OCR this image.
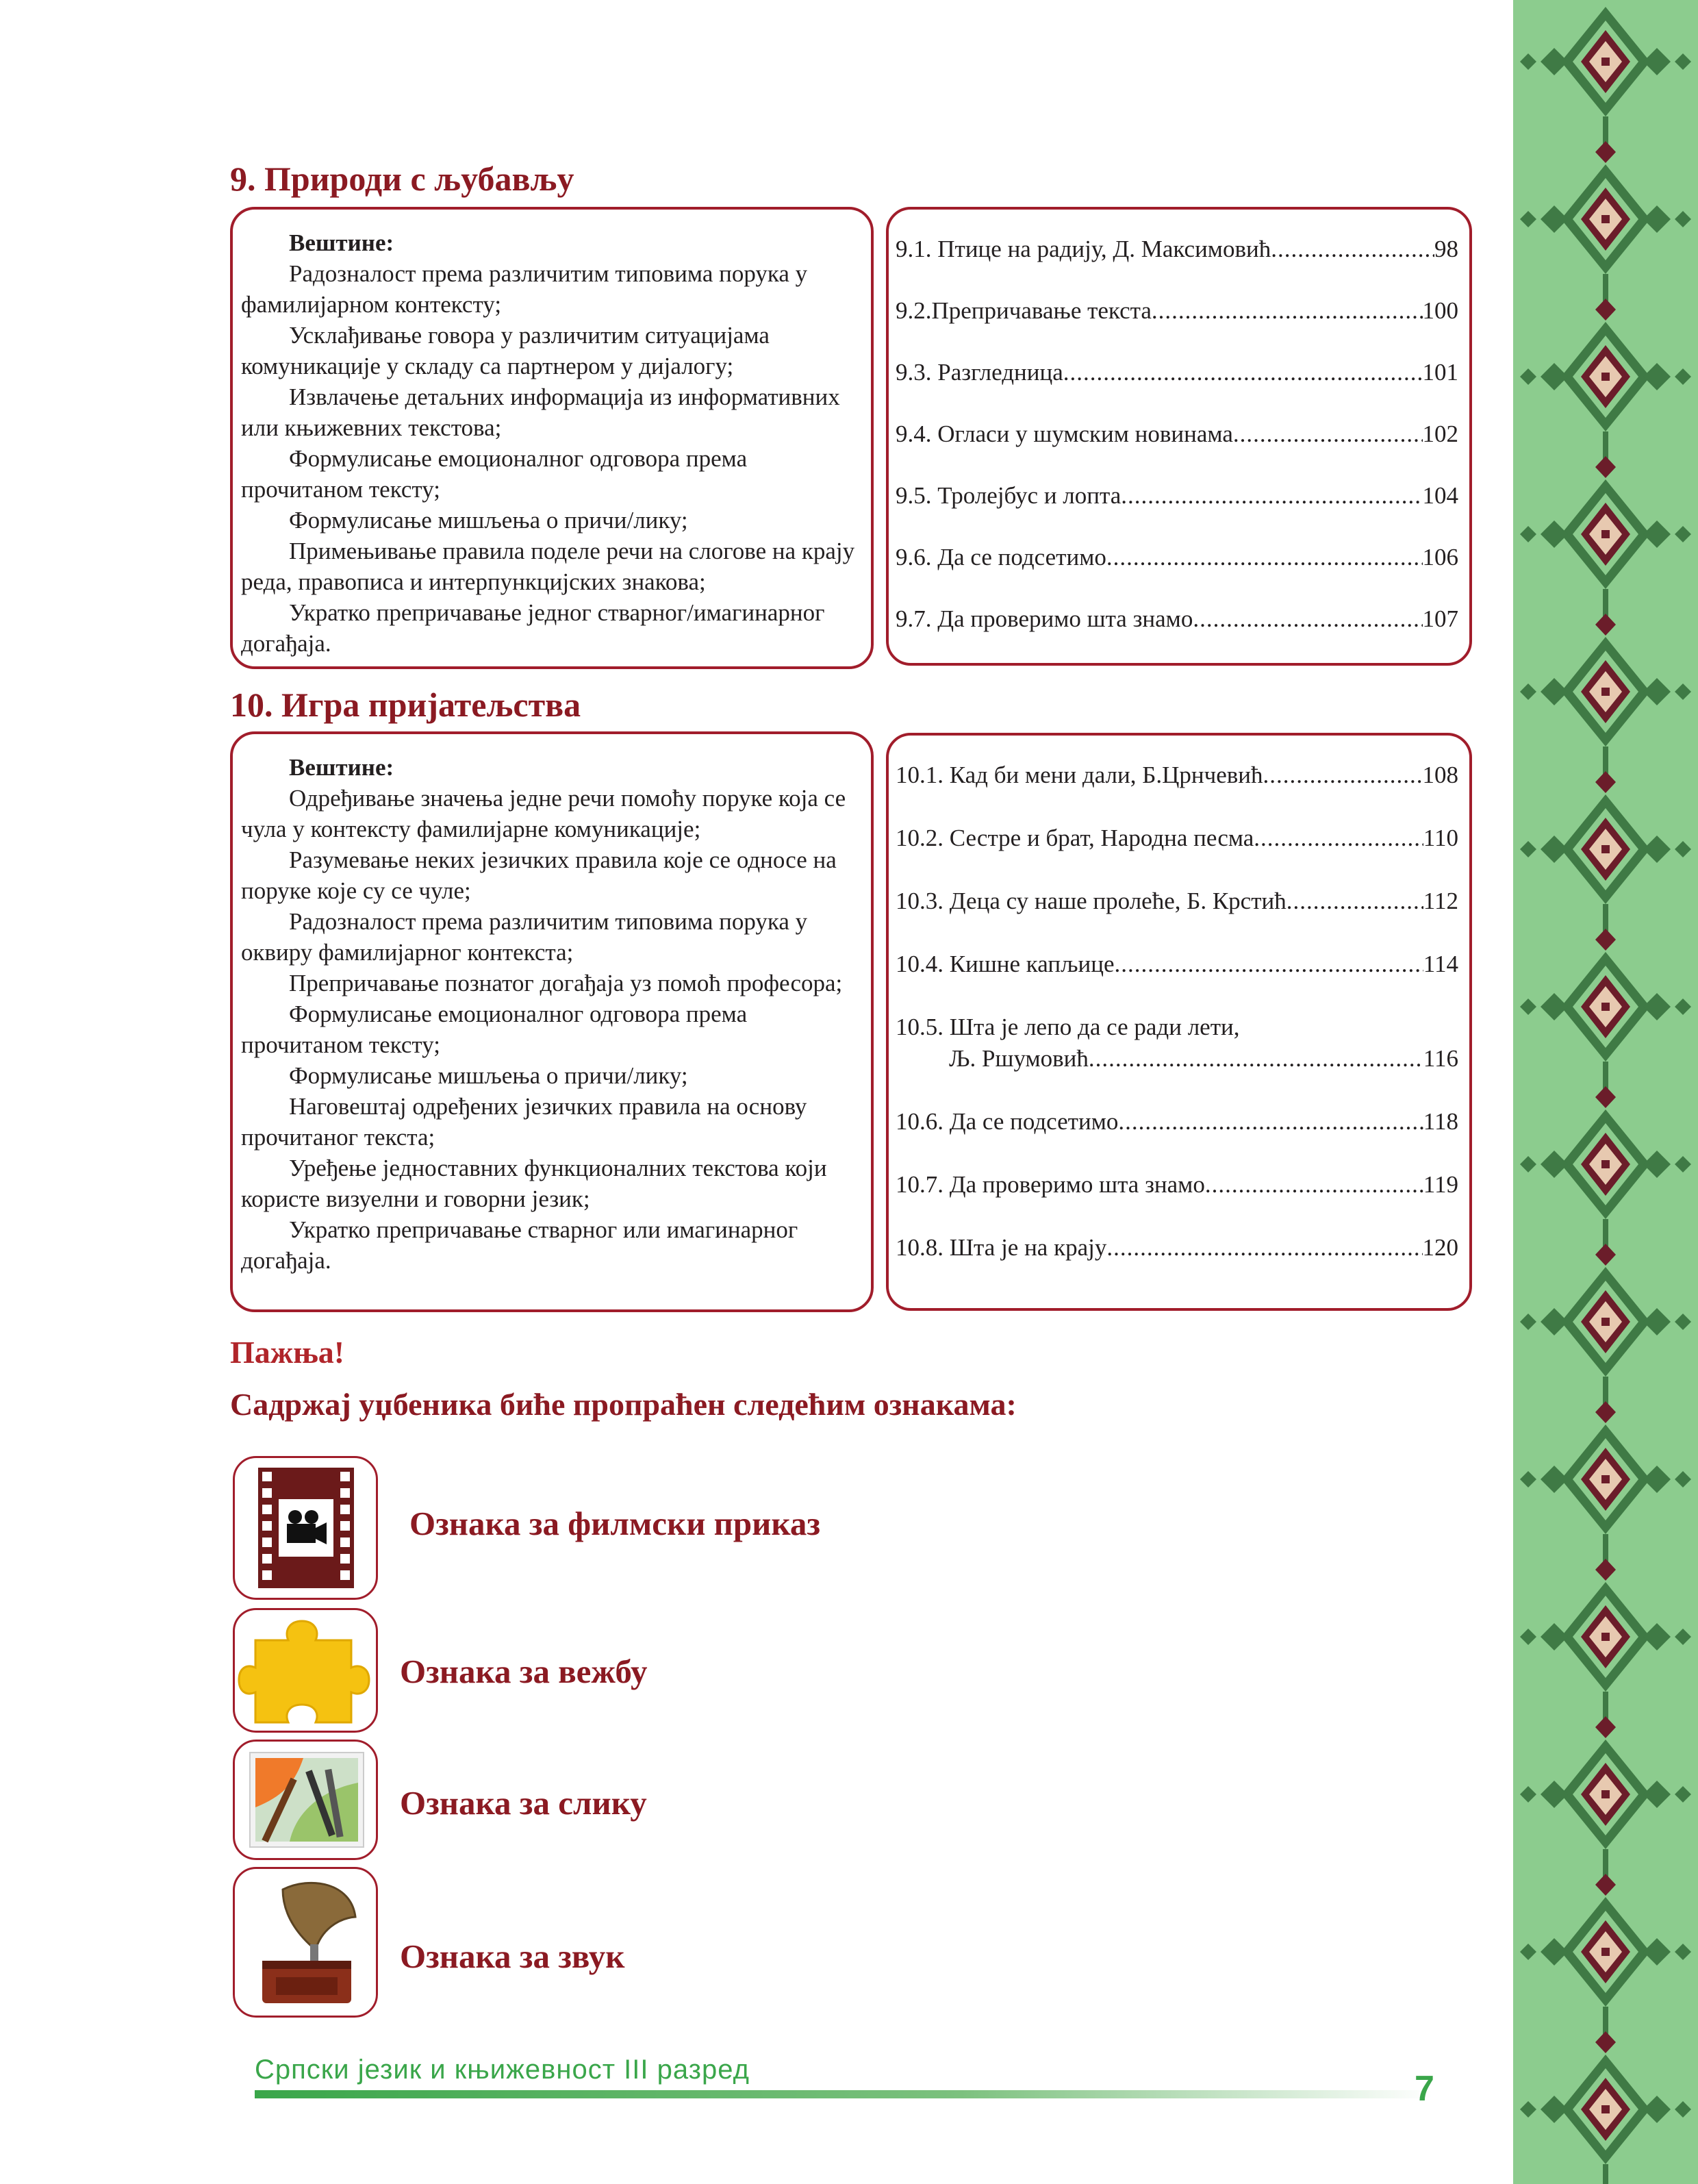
9. Природи с љубављу
Вештине:
Радозналост према различитим типовима порука у фамилијарном контексту;
Усклађивање говора у различитим ситуацијама комуникације у складу са партнером у дијалогу;
Извлачење детаљних информација из информативних или књижевних текстова;
Формулисање емоционалног одговора према прочитаном тексту;
Формулисање мишљења о причи/лику;
Примењивање правила поделе речи на слогове на крају реда, правописа и интерпункцијских знакова;
Укратко препричавање једног стварног/имагинарног догађаја.
9.1. Птице на радију, Д. Максимовић .....	98
9.2.Препричавање текста .....	100
9.3. Разгледница .....	101
9.4. Огласи у шумским новинама .....	102
9.5. Тролејбус и лопта .....	104
9.6. Да се подсетимо .....	106
9.7. Да проверимо шта знамо .....	107
10. Игра пријатељства
Вештине:
Одређивање значења једне речи помоћу поруке која се чула у контексту фамилијарне комуникације;
Разумевање неких језичких правила које се односе на поруке које су се чуле;
Радозналост према различитим типовима порука у оквиру фамилијарног контекста;
Препричавање познатог догађаја уз помоћ професора;
Формулисање емоционалног одговора према прочитаном тексту;
Формулисање мишљења о причи/лику;
Наговештај одређених језичких правила на основу прочитаног текста;
Уређење једноставних функционалних текстова који користе визуелни и говорни језик;
Укратко препричавање стварног или имагинарног догађаја.
10.1. Кад би мени дали, Б.Црнчевић .....	108
10.2. Сестре и брат, Народна песма .....	110
10.3. Деца су наше пролеће, Б. Крстић .....	112
10.4. Кишне капљице .....	114
10.5. Шта је лепо да се ради лети,
Љ. Ршумовић .....	116
10.6. Да се подсетимо .....	118
10.7. Да проверимо шта знамо .....	119
10.8. Шта је на крају .....	120

Пажња!

Садржај уџбеника биће пропраћен следећим ознакама:

Ознака за филмски приказ
Ознака за вежбу
Ознака за слику
Ознака за звук
Српски језик и књижевност III разред	7
